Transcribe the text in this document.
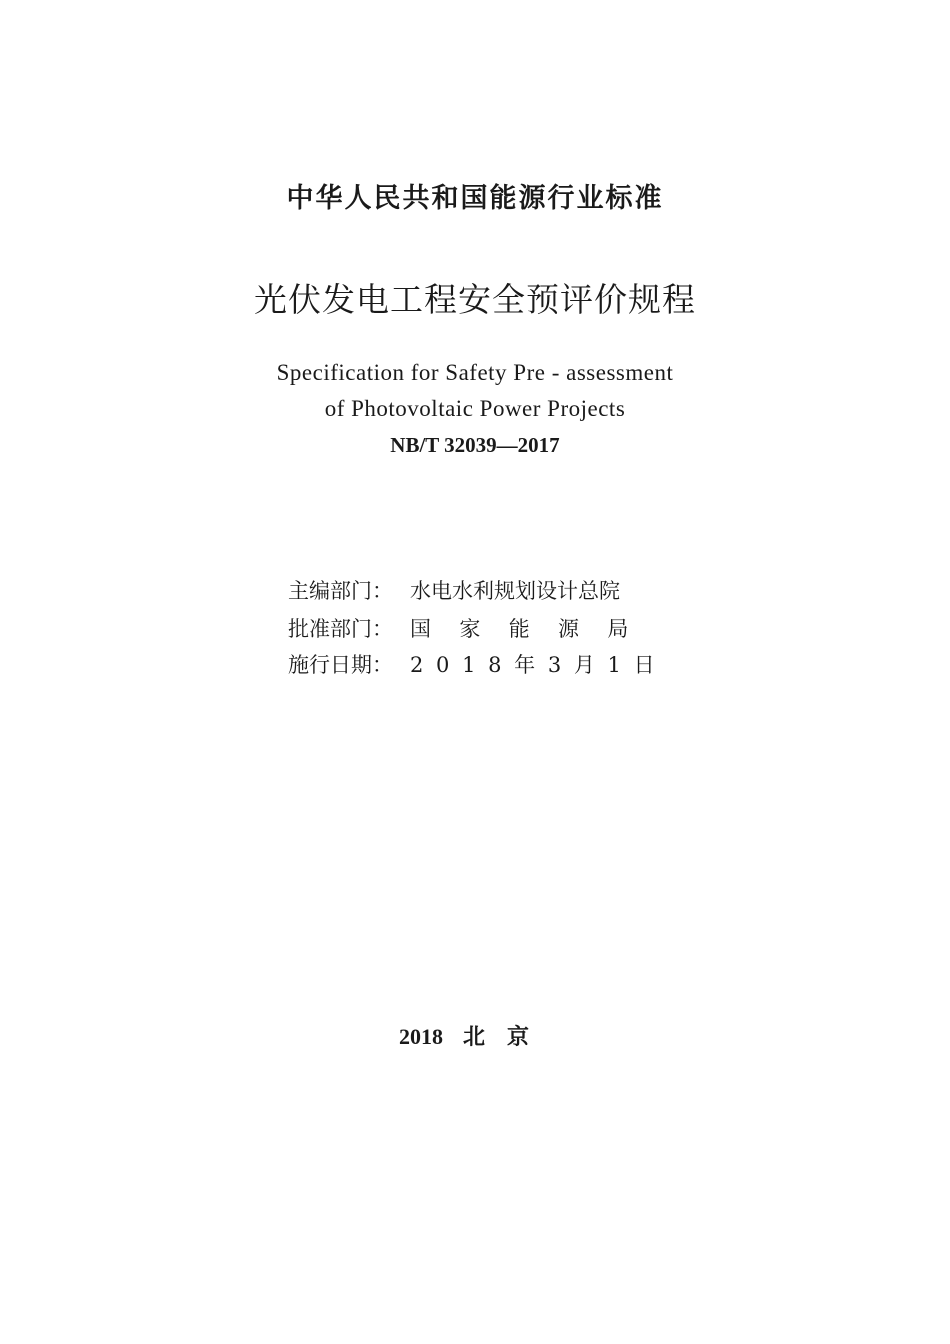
中华人民共和国能源行业标准
光伏发电工程安全预评价规程
Specification for Safety Pre - assessment
of Photovoltaic Power Projects
NB/T 32039—2017
主编部门： 水电水利规划设计总院
批准部门： 国  家  能  源  局
施行日期： 2 0 1 8 年 3 月 1 日
2018 北京
